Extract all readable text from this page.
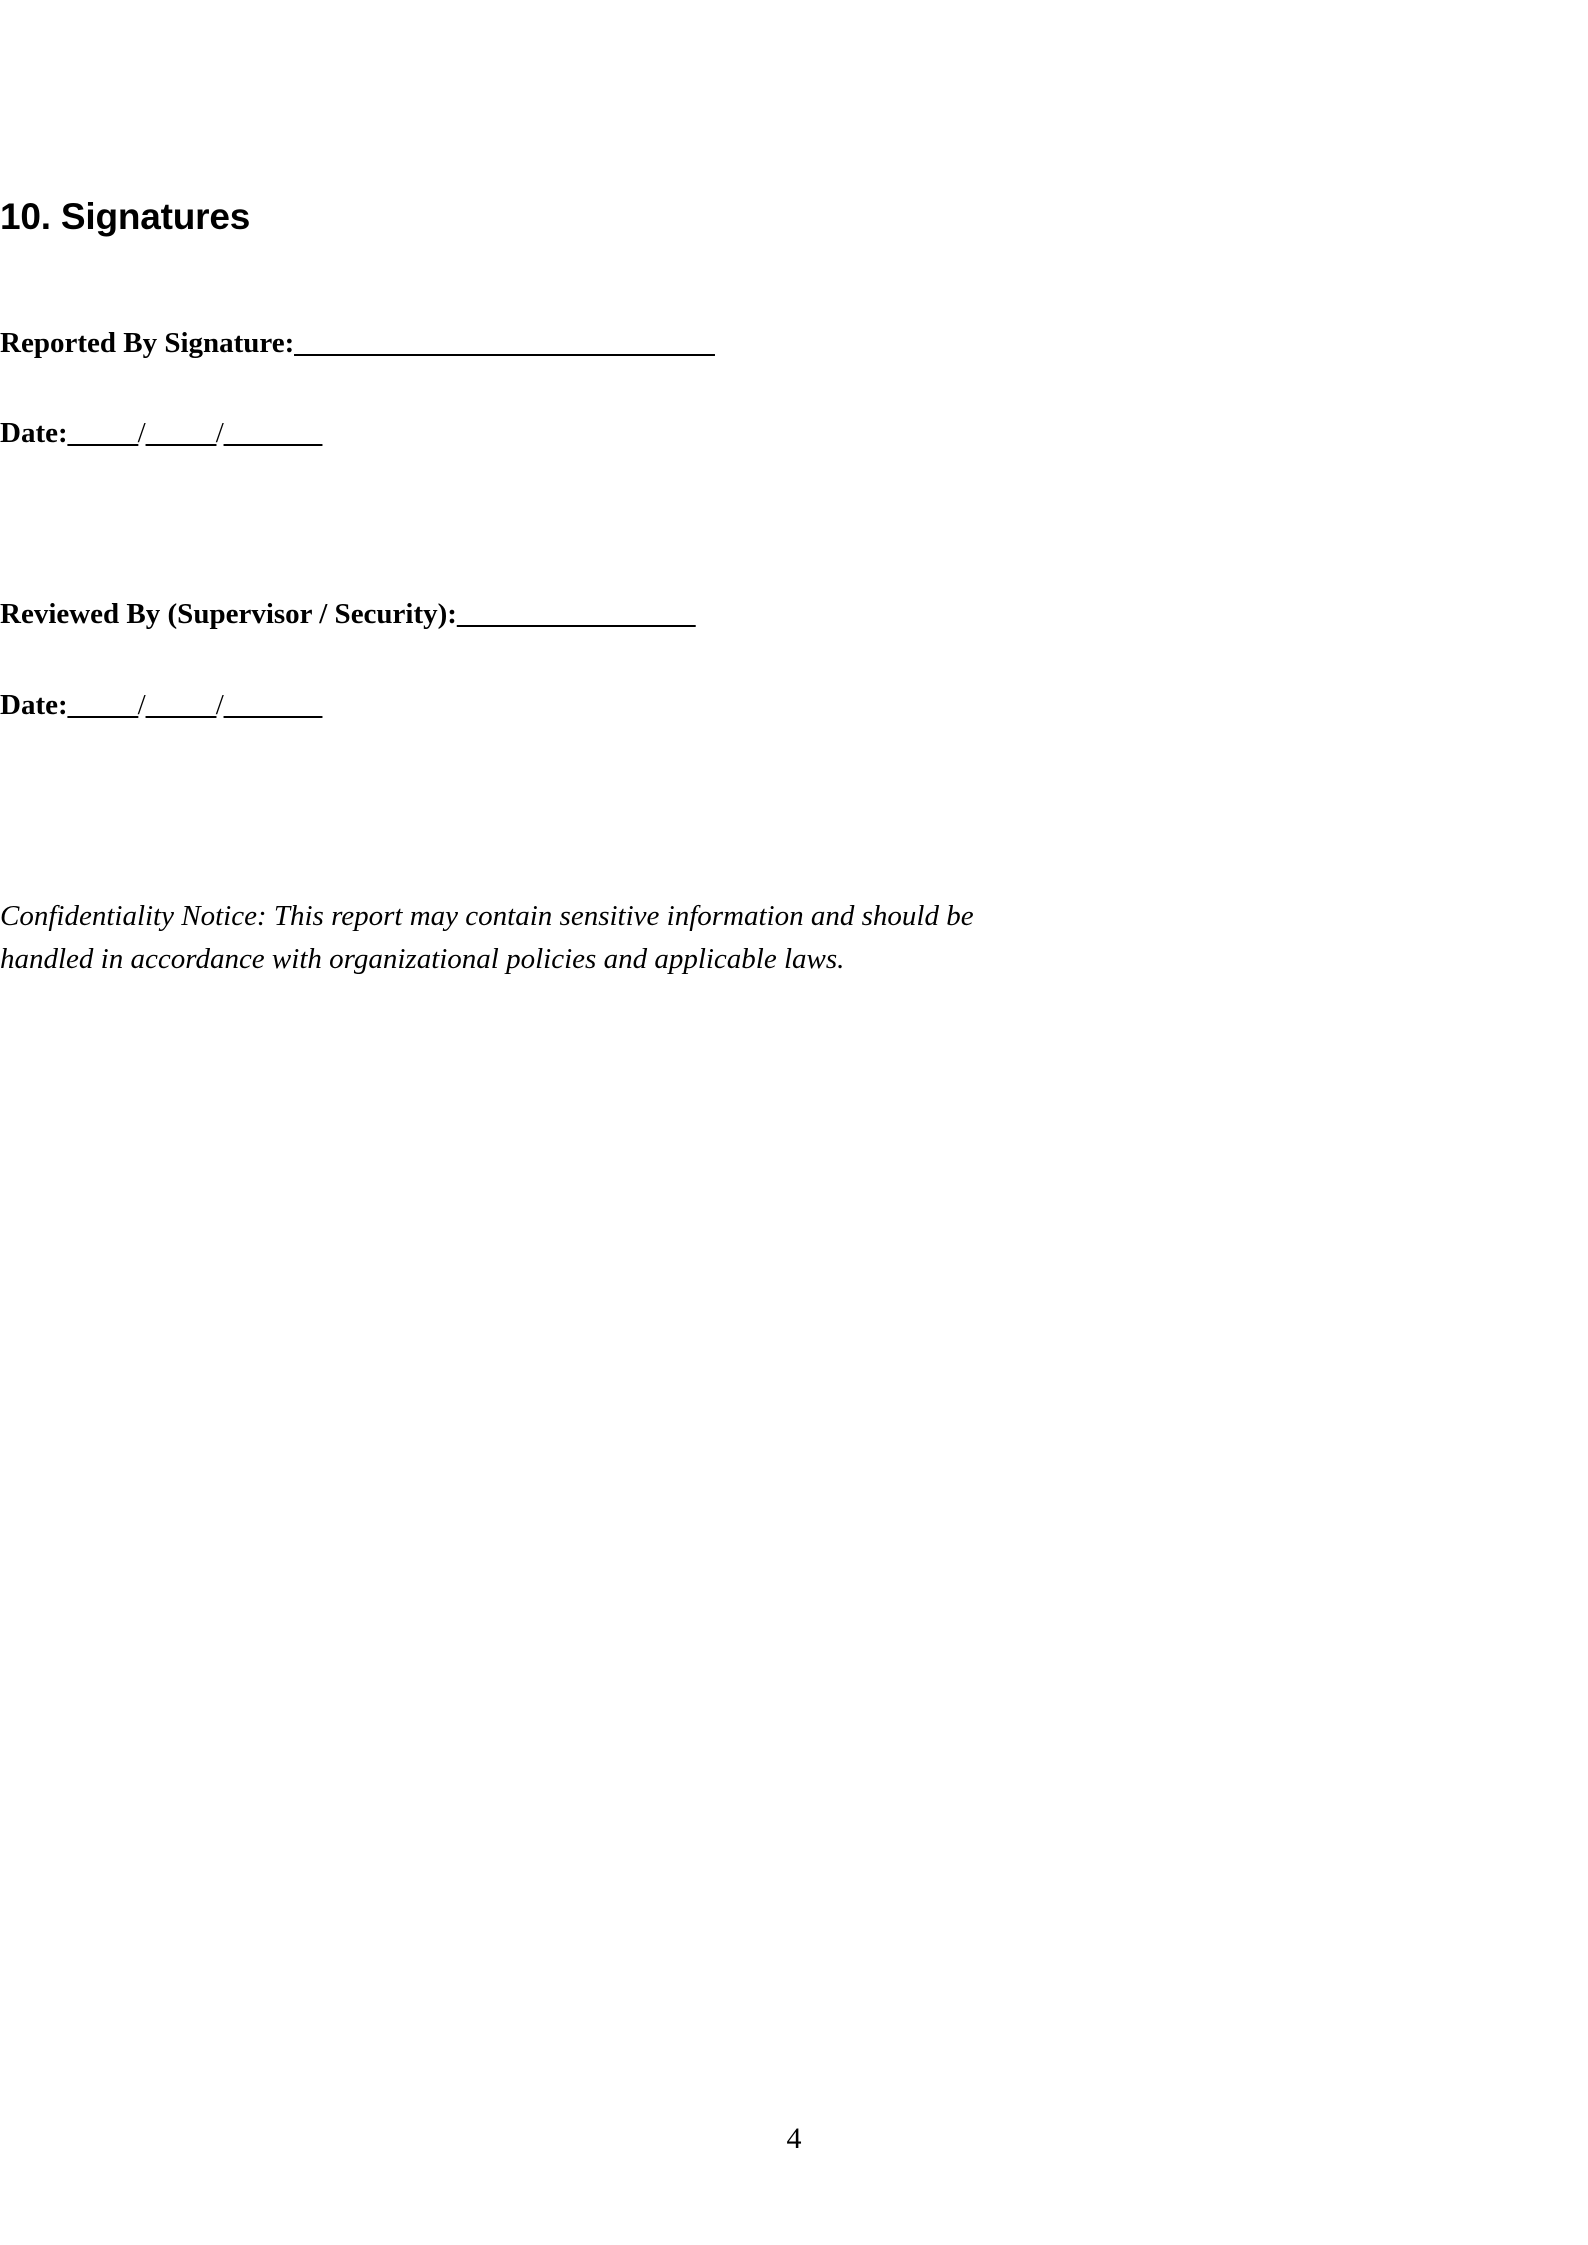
10. Signatures
Reported By Signature:______________________________
Date:_____/_____/_______
Reviewed By (Supervisor / Security):_________________
Date:_____/_____/_______

Confidentiality Notice: This report may contain sensitive information and should be handled in accordance with organizational policies and applicable laws.

4
